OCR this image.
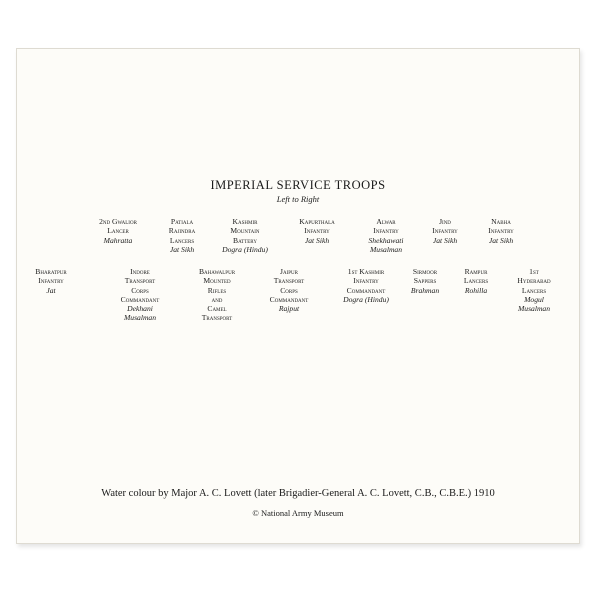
IMPERIAL SERVICE TROOPS
Left to Right
2nd Gwalior
Lancer
Mahratta
Patiala
Rajindra
Lancers
Jat Sikh
Kashmir
Mountain
Battery
Dogra (Hindu)
Kapurthala
Infantry
Jat Sikh
Alwar
Infantry
Shekhawati
Musalman
Jind
Infantry
Jat Sikh
Nabha
Infantry
Jat Sikh
Bharatpur
Infantry
Jat
Indore
Transport
Corps
Commandant
Dekhani
Musalman
Bahawalpur
Mounted
Rifles
and
Camel
Transport
Jaipur
Transport
Corps
Commandant
Rajput
1st Kashmir
Infantry
Commandant
Dogra (Hindu)
Sirmoor
Sappers
Brahman
Rampur
Lancers
Rohilla
1st
Hyderabad
Lancers
Mogul
Musalman
Water colour by Major A. C. Lovett (later Brigadier-General A. C. Lovett, C.B., C.B.E.) 1910
© National Army Museum
